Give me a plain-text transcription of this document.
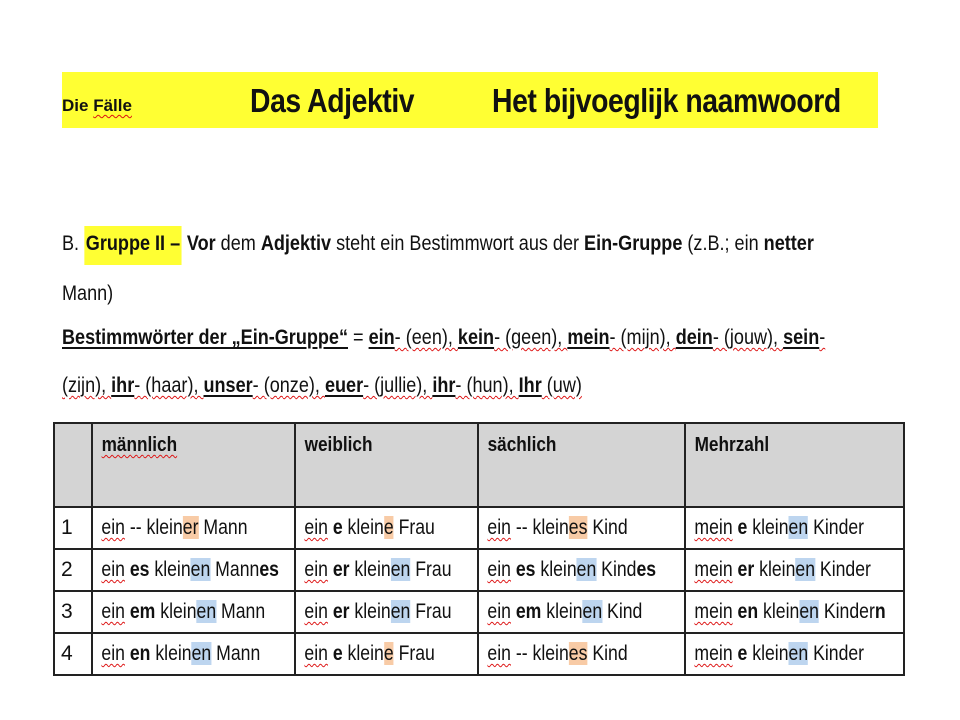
Die Fälle	Das Adjektiv Het bijvoeglijk naamwoord
B. Gruppe II – Vor dem Adjektiv steht ein Bestimmwort aus der Ein-Gruppe (z.B.; ein netter
Mann)
Bestimmwörter der „Ein-Gruppe“ = ein- (een), kein- (geen), mein- (mijn), dein- (jouw), sein-
(zijn), ihr- (haar), unser- (onze), euer- (jullie), ihr- (hun), Ihr (uw)

	männlich	weiblich	sächlich	Mehrzahl

1	ein -- kleiner Mann	ein e kleine Frau	ein -- kleines Kind	mein e kleinen Kinder

2	ein es kleinen Mannes	ein er kleinen Frau	ein es kleinen Kindes	mein er kleinen Kinder

3	ein em kleinen Mann	ein er kleinen Frau	ein em kleinen Kind	mein en kleinen Kindern

4	ein en kleinen Mann	ein e kleine Frau	ein -- kleines Kind	mein e kleinen Kinder
